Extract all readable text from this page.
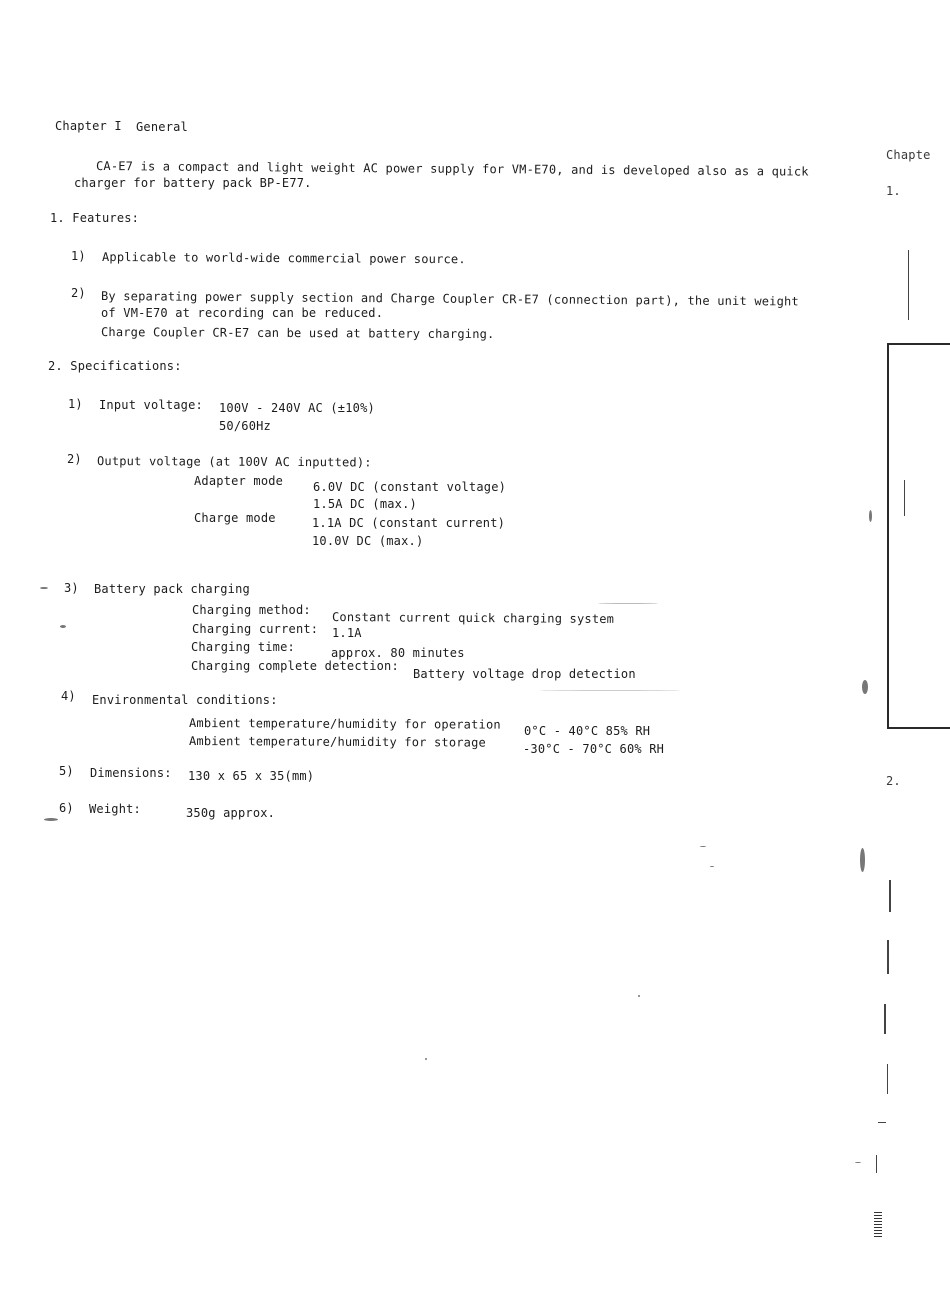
Chapter I General
CA-E7 is a compact and light weight AC power supply for VM-E70, and is developed also as a quick
charger for battery pack BP-E77.
1. Features:
1) Applicable to world-wide commercial power source.
2) By separating power supply section and Charge Coupler CR-E7 (connection part), the unit weight
of VM-E70 at recording can be reduced.
Charge Coupler CR-E7 can be used at battery charging.
2. Specifications:
1) Input voltage: 100V - 240V AC (±10%)
50/60Hz
2) Output voltage (at 100V AC inputted):
Adapter mode 6.0V DC (constant voltage)
1.5A DC (max.)
Charge mode	1.1A DC (constant current)
10.0V DC (max.)
3) Battery pack charging
Charging method:
Constant current quick charging system
Charging current: 1.1A
Charging time:	approx. 80 minutes
Charging complete detection:
Battery voltage drop detection
4) Environmental conditions:
Ambient temperature/humidity for operation 0°C - 40°C 85% RH
Ambient temperature/humidity for storage	-30°C - 70°C 60% RH
5) Dimensions: 130 x 65 x 35(mm)
6) Weight:	350g approx.
Chapte
1.
2.
